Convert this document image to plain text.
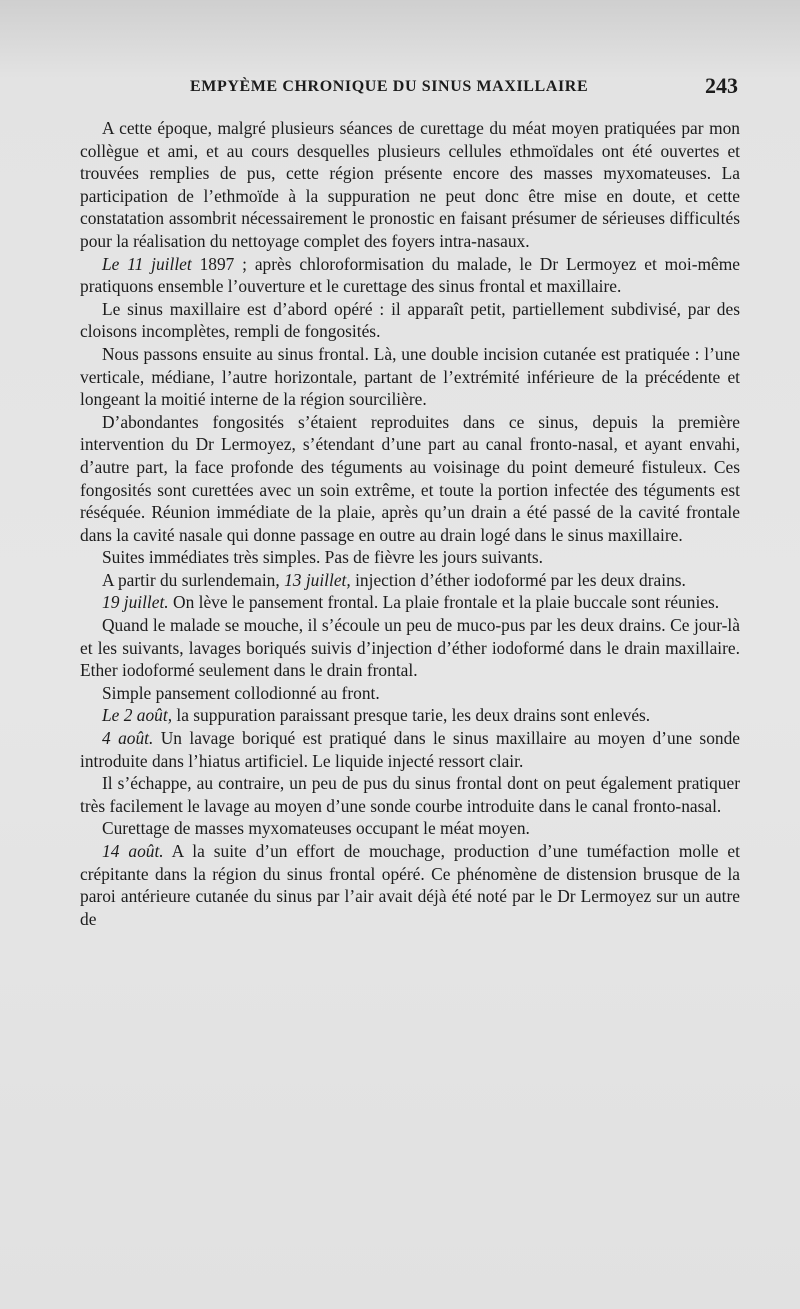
EMPYÈME CHRONIQUE DU SINUS MAXILLAIRE	243

A cette époque, malgré plusieurs séances de curettage du méat moyen pratiquées par mon collègue et ami, et au cours desquelles plusieurs cellules ethmoïdales ont été ouvertes et trouvées remplies de pus, cette région présente encore des masses myxomateuses. La participation de l’ethmoïde à la suppuration ne peut donc être mise en doute, et cette constatation assombrit nécessairement le pronostic en faisant présumer de sérieuses difficultés pour la réalisation du nettoyage complet des foyers intra-nasaux.

Le 11 juillet 1897 ; après chloroformisation du malade, le Dr Lermoyez et moi-même pratiquons ensemble l’ouverture et le curettage des sinus frontal et maxillaire.

Le sinus maxillaire est d’abord opéré : il apparaît petit, partiellement subdivisé, par des cloisons incomplètes, rempli de fongosités.

Nous passons ensuite au sinus frontal. Là, une double incision cutanée est pratiquée : l’une verticale, médiane, l’autre horizontale, partant de l’extrémité inférieure de la précédente et longeant la moitié interne de la région sourcilière.

D’abondantes fongosités s’étaient reproduites dans ce sinus, depuis la première intervention du Dr Lermoyez, s’étendant d’une part au canal fronto-nasal, et ayant envahi, d’autre part, la face profonde des téguments au voisinage du point demeuré fistuleux. Ces fongosités sont curettées avec un soin extrême, et toute la portion infectée des téguments est réséquée. Réunion immédiate de la plaie, après qu’un drain a été passé de la cavité frontale dans la cavité nasale qui donne passage en outre au drain logé dans le sinus maxillaire.

Suites immédiates très simples. Pas de fièvre les jours suivants.

A partir du surlendemain, 13 juillet, injection d’éther iodoformé par les deux drains.

19 juillet. On lève le pansement frontal. La plaie frontale et la plaie buccale sont réunies.

Quand le malade se mouche, il s’écoule un peu de muco-pus par les deux drains. Ce jour-là et les suivants, lavages boriqués suivis d’injection d’éther iodoformé dans le drain maxillaire. Ether iodoformé seulement dans le drain frontal.

Simple pansement collodionné au front.

Le 2 août, la suppuration paraissant presque tarie, les deux drains sont enlevés.

4 août. Un lavage boriqué est pratiqué dans le sinus maxillaire au moyen d’une sonde introduite dans l’hiatus artificiel. Le liquide injecté ressort clair.

Il s’échappe, au contraire, un peu de pus du sinus frontal dont on peut également pratiquer très facilement le lavage au moyen d’une sonde courbe introduite dans le canal fronto-nasal.

Curettage de masses myxomateuses occupant le méat moyen.

14 août. A la suite d’un effort de mouchage, production d’une tuméfaction molle et crépitante dans la région du sinus frontal opéré. Ce phénomène de distension brusque de la paroi antérieure cutanée du sinus par l’air avait déjà été noté par le Dr Lermoyez sur un autre de
